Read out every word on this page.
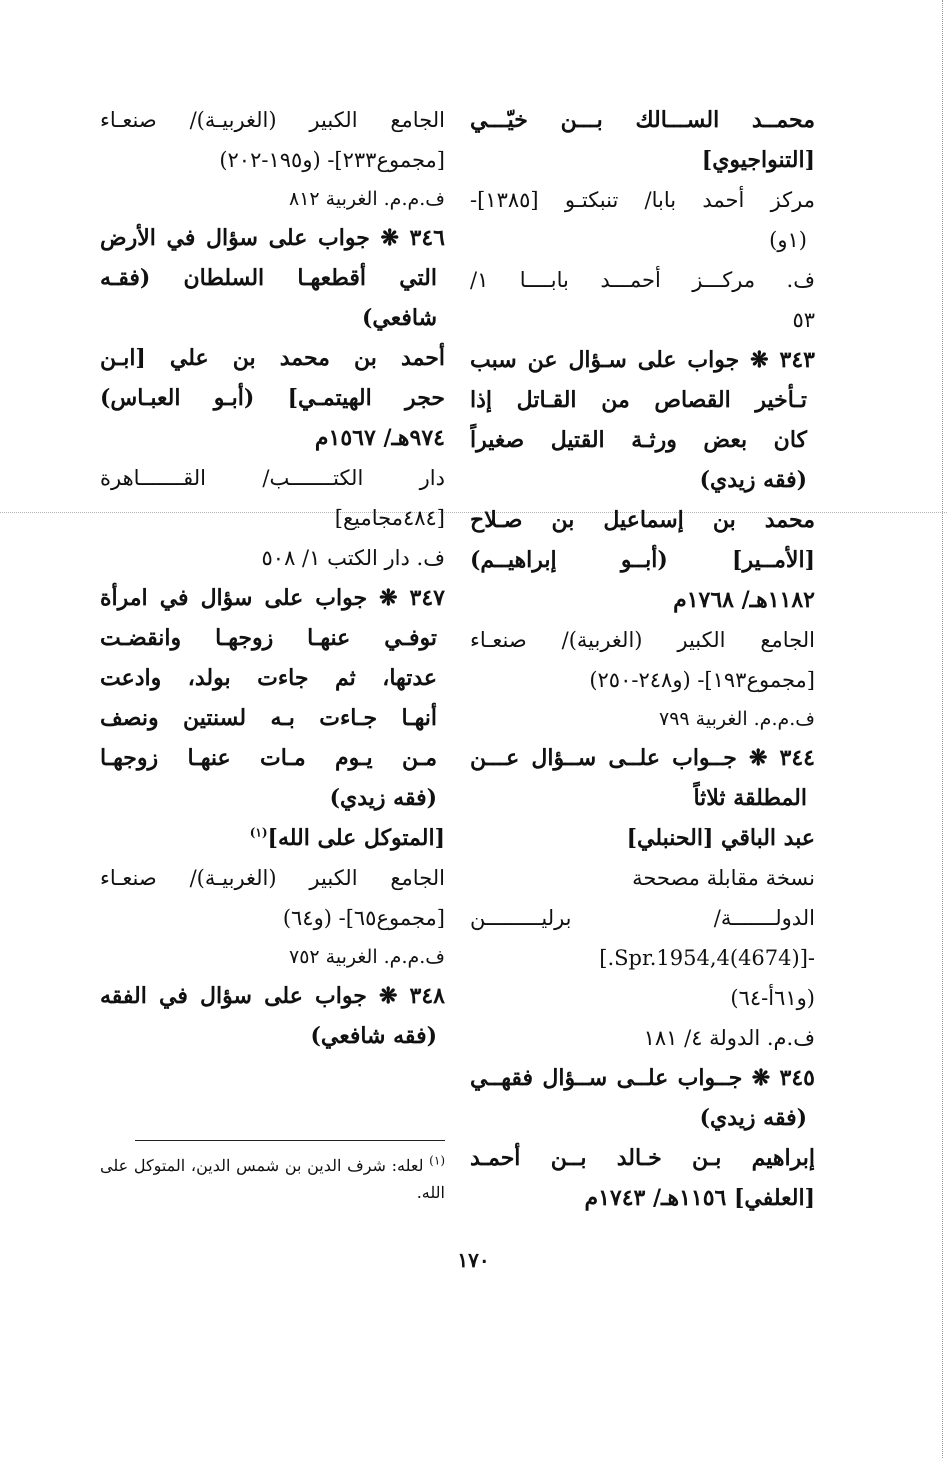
محمــد الســـالك بـــن خيّـــي
[التنواجيوي]
مركز أحمد بابا/ تنبكتـو [١٣٨٥]-
(١و)
ف. مركـــز أحمـــد بابــــا ١/
٥٣
٣٤٣ ❋ جواب على سـؤال عن سبب
تـأخير القصاص من القـاتل إذا
كان بعض ورثـة القتيل صغيراً
(فقه زيدي)
محمد بن إسماعيل بن صـلاح
[الأمــير] (أبــو إبراهيــم)
١١٨٢هـ/ ١٧٦٨م
الجامع الكبير (الغربية)/ صنعـاء
[مجموع١٩٣]- (و٢٤٨-٢٥٠)
ف.م.م. الغربية ٧٩٩
٣٤٤ ❋ جــواب علــى ســؤال عـــن
المطلقة ثلاثاً
عبد الباقي [الحنبلي]
نسخة مقابلة مصححة
الدولـــــــة/ برليـــــــــن
-[(4674)Spr.1954,4.]
(و٦١أ-٦٤)
ف.م. الدولة ٤/ ١٨١
٣٤٥ ❋ جــواب علــى ســؤال فقهــي
(فقه زيدي)
إبراهيم بـن خـالد بــن أحمـد
[العلفي] ١١٥٦هـ/ ١٧٤٣م
الجامع الكبير (الغربيـة)/ صنعـاء
[مجموع٢٣٣]- (و١٩٥-٢٠٢)
ف.م.م. الغربية ٨١٢
٣٤٦ ❋ جواب على سؤال في الأرض
التي أقطعهـا السلطان (فقـه
شافعي)
أحمد بن محمد بن علي [ابـن
حجر الهيتمـي] (أبـو العبـاس)
٩٧٤هـ/ ١٥٦٧م
دار الكتـــــــب/ القـــــــاهرة
[٤٨٤مجاميع]
ف. دار الكتب ١/ ٥٠٨
٣٤٧ ❋ جواب على سؤال في امرأة
توفـي عنهـا زوجهـا وانقضـت
عدتها، ثم جاءت بولد، وادعت
أنهـا جـاءت بـه لسنتين ونصف
مـن يـوم مـات عنهـا زوجهـا
(فقه زيدي)
[المتوكل على الله]$^{(١)}$
الجامع الكبير (الغربيـة)/ صنعـاء
[مجموع٦٥]- (و٦٤)
ف.م.م. الغربية ٧٥٢
٣٤٨ ❋ جواب على سؤال في الفقه
(فقه شافعي)
$^{(١)}$ لعله: شرف الدين بن شمس الدين، المتوكل على
الله.
١٧٠
